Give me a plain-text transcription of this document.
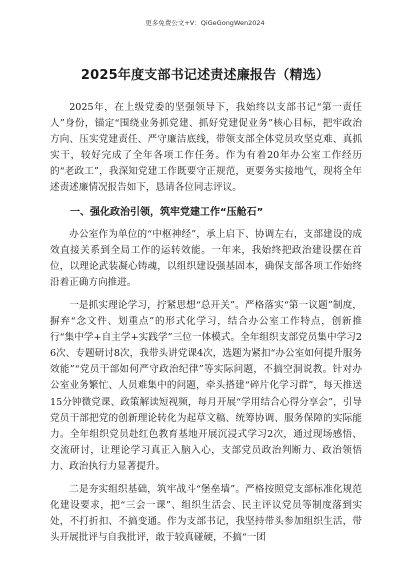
更多免费公文+V：QiGeGongWen2024
2025年度支部书记述责述廉报告（精选）

2025年，在上级党委的坚强领导下，我始终以支部书记“第一责任人”身份，锚定“围绕业务抓党建、抓好党建促业务”核心目标，把牢政治方向、压实党建责任、严守廉洁底线，带领支部全体党员攻坚克难、真抓实干，较好完成了全年各项工作任务。作为有着20年办公室工作经历的“老政工”，我深知党建工作既要守正规范，更要务实接地气，现将全年述责述廉情况报告如下，恳请各位同志评议。

一、强化政治引领，筑牢党建工作“压舱石”

办公室作为单位的“中枢神经”，承上启下、协调左右，支部建设的成效直接关系到全局工作的运转效能。一年来，我始终把政治建设摆在首位，以理论武装凝心铸魂，以组织建设强基固本，确保支部各项工作始终沿着正确方向推进。

一是抓实理论学习，拧紧思想“总开关”。严格落实“第一议题”制度，摒弃“念文件、划重点”的形式化学习，结合办公室工作特点，创新推行“集中学+自主学+实践学”三位一体模式。全年组织支部党员集中学习26次、专题研讨8次，我带头讲党课4次，选题为紧扣“办公室如何提升服务效能”“党员干部如何严守政治纪律”等实际问题，不搞空洞说教。针对办公室业务繁忙、人员难集中的问题，牵头搭建“碎片化学习群”，每天推送15分钟微党课、政策解读短视频，每月开展“学用结合心得分享会”，引导党员干部把党的创新理论转化为起草文稿、统筹协调、服务保障的实际能力。全年组织党员赴红色教育基地开展沉浸式学习2次，通过现场感悟、交流研讨，让理论学习真正入脑入心，支部党员政治判断力、政治领悟力、政治执行力显著提升。

二是夯实组织基础，筑牢战斗“堡垒墙”。严格按照党支部标准化规范化建设要求，把“三会一课”、组织生活会、民主评议党员等制度落到实处，不打折扣、不搞变通。作为支部书记，我坚持带头参加组织生活，带头开展批评与自我批评，敢于较真碰硬，不搞“一团
